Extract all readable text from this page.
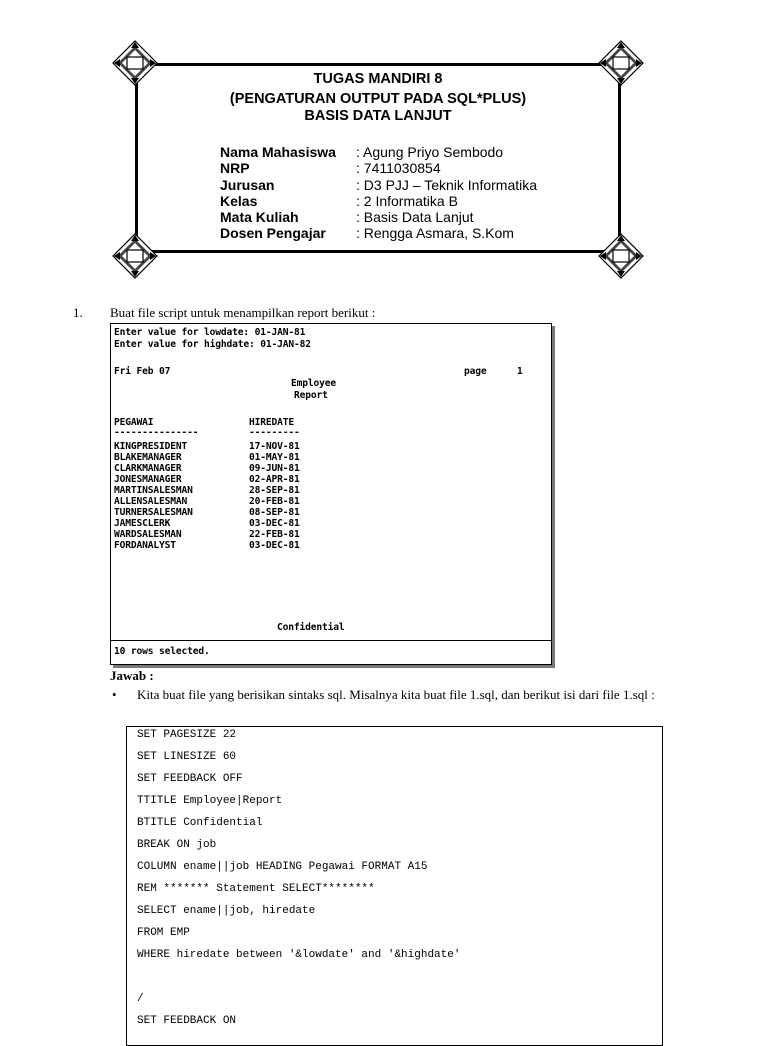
TUGAS MANDIRI 8
(PENGATURAN OUTPUT PADA SQL*PLUS)
BASIS DATA LANJUT
Nama Mahasiswa	: Agung Priyo Sembodo
NRP	: 7411030854
Jurusan	: D3 PJJ – Teknik Informatika
Kelas	: 2 Informatika B
Mata Kuliah	: Basis Data Lanjut
Dosen Pengajar	: Rengga Asmara, S.Kom
1. Buat file script untuk menampilkan report berikut :
Enter value for lowdate: 01-JAN-81
Enter value for highdate: 01-JAN-82
Fri Feb 07	page	1
Employee
Report
PEGAWAI	HIREDATE
---------------	---------
KINGPRESIDENT	17-NOV-81
BLAKEMANAGER	01-MAY-81
CLARKMANAGER	09-JUN-81
JONESMANAGER	02-APR-81
MARTINSALESMAN	28-SEP-81
ALLENSALESMAN	20-FEB-81
TURNERSALESMAN	08-SEP-81
JAMESCLERK	03-DEC-81
WARDSALESMAN	22-FEB-81
FORDANALYST	03-DEC-81
Confidential
10 rows selected.
Jawab :
• Kita buat file yang berisikan sintaks sql. Misalnya kita buat file 1.sql, dan berikut isi dari file 1.sql :
SET PAGESIZE 22
SET LINESIZE 60
SET FEEDBACK OFF
TTITLE Employee|Report
BTITLE Confidential
BREAK ON job
COLUMN ename||job HEADING Pegawai FORMAT A15
REM ******* Statement SELECT********
SELECT ename||job, hiredate
FROM EMP
WHERE hiredate between '&lowdate' and '&highdate'
/
SET FEEDBACK ON
